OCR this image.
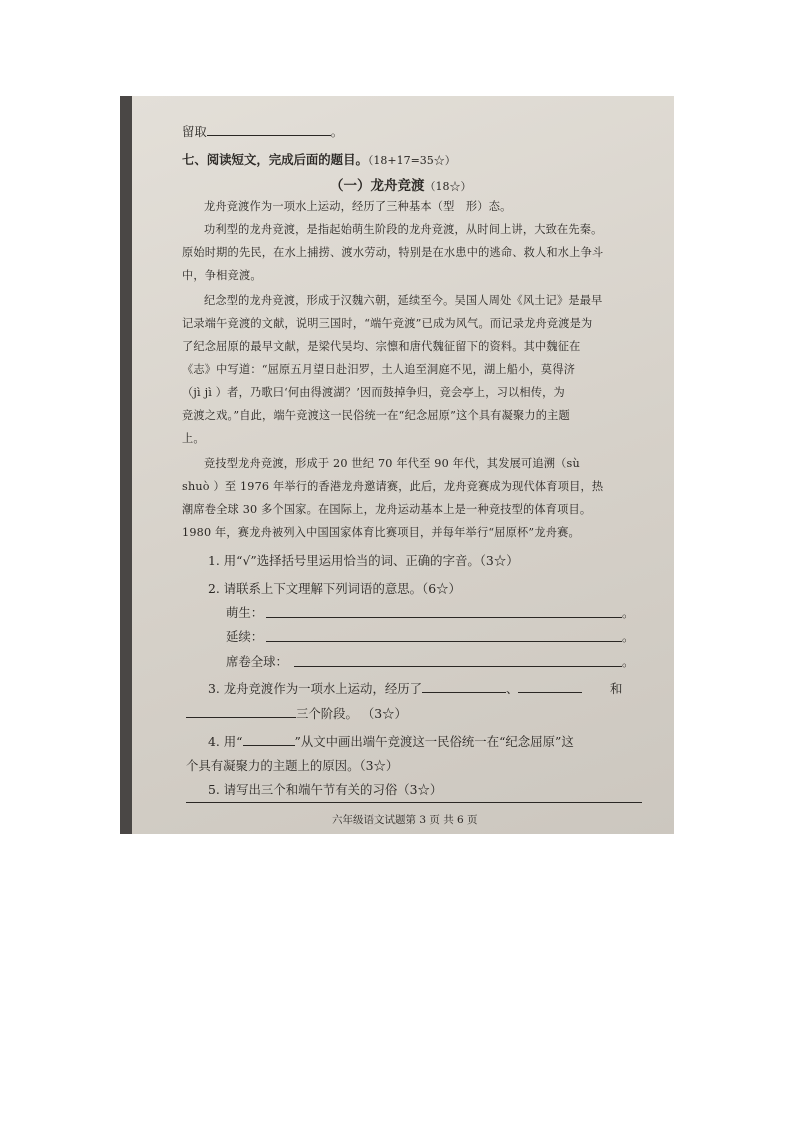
留取	。
七、阅读短文，完成后面的题目。（18+17=35☆）
（一）龙舟竞渡（18☆）
龙舟竞渡作为一项水上运动，经历了三种基本（型　形）态。
功利型的龙舟竞渡，是指起始萌生阶段的龙舟竞渡，从时间上讲，大致在先秦。
原始时期的先民，在水上捕捞、渡水劳动，特别是在水患中的逃命、救人和水上争斗
中，争相竞渡。
纪念型的龙舟竞渡，形成于汉魏六朝，延续至今。吴国人周处《风土记》是最早
记录端午竞渡的文献，说明三国时，“端午竞渡”已成为风气。而记录龙舟竞渡是为
了纪念屈原的最早文献，是梁代吴均、宗懔和唐代魏征留下的资料。其中魏征在
《志》中写道：“屈原五月望日赴汨罗，土人追至洞庭不见，湖上船小，莫得济
（jì jì ）者，乃歌曰‘何由得渡湖？’因而鼓掉争归，竞会亭上，习以相传，为
竞渡之戏。”自此，端午竞渡这一民俗统一在“纪念屈原”这个具有凝聚力的主题
上。
竞技型龙舟竞渡，形成于 20 世纪 70 年代至 90 年代，其发展可追溯（sù
shuò ）至 1976 年举行的香港龙舟邀请赛，此后，龙舟竞赛成为现代体育项目，热
潮席卷全球 30 多个国家。在国际上，龙舟运动基本上是一种竞技型的体育项目。
1980 年，赛龙舟被列入中国国家体育比赛项目，并每年举行“屈原杯”龙舟赛。
1. 用“√”选择括号里运用恰当的词、正确的字音。（3☆）
2. 请联系上下文理解下列词语的意思。（6☆）
萌生：	。
延续：	。
席卷全球：	。
3. 龙舟竞渡作为一项水上运动，经历了	、	和
三个阶段。 （3☆）
4. 用“	”从文中画出端午竞渡这一民俗统一在“纪念屈原”这
个具有凝聚力的主题上的原因。（3☆）
5. 请写出三个和端午节有关的习俗（3☆）
六年级语文试题第 3 页 共 6 页
